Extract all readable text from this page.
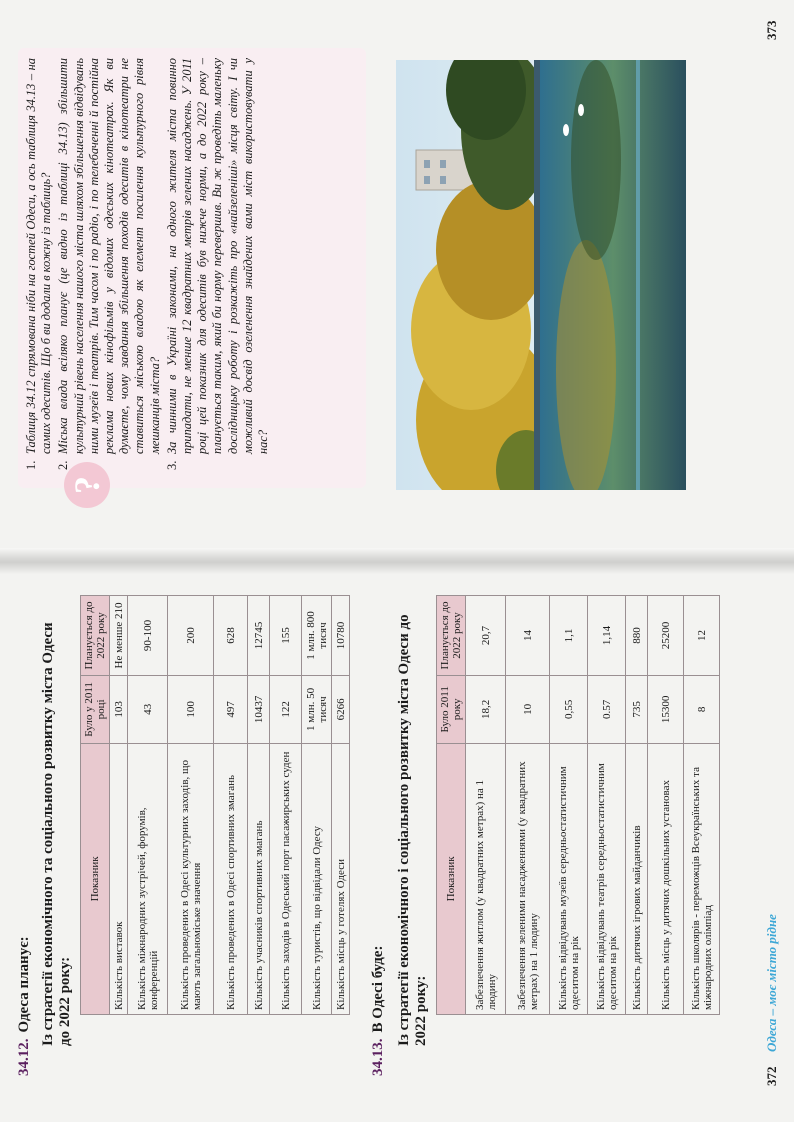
34.12.Одеса планує: Із стратегії економічного та соціального розвитку міста Одеси до 2022 року:
Показник	Було у 2011 році	Планується до 2022 року
Кількість виставок	103	Не менше 210
Кількість міжнародних зустрічей, форумів, конференцій	43	90-100
Кількість проведених в Одесі культурних заходів, що мають загальноміське значення	100	200
Кількість проведених в Одесі спортивних змагань	497	628
Кількість учасників спортивних змагань	10437	12745
Кількість заходів в Одеський порт пасажирських суден	122	155
Кількість туристів, що відвідали Одесу	1 млн. 50 тисяч	1 млн. 800 тисяч
Кількість місць у готелях Одеси	6266	10780
34.13.В Одесі буде: Із стратегії економічного і соціального розвитку міста Одеси до 2022 року:
Показник	Було 2011 року	Планується до 2022 року
Забезпечення житлом (у квадратних метрах) на 1 людину	18,2	20,7
Забезпечення зеленими насадженнями (у квадратних метрах) на 1 людину	10	14
Кількість відвідувань музеїв середньостатистичним одеситом на рік	0,55	1,1
Кількість відвідувань театрів середньостатистичним одеситом на рік	0.57	1,14
Кількість дитячих ігрових майданчиків	735	880
Кількість місць у дитячих дошкільних установах	15300	25200
Кількість школярів - переможців Всеукраїнських та міжнародних олімпіад	8	12
372
Одеса – моє місто рідне
?
1.
Таблиця 34.12 спрямована ніби на гостей Одеси, а ось таблиця 34.13 – на самих одеситів. Що б ви додали в кожну із таблиць?
2.
Міська влада всіляко планує (це видно із таблиці 34.13) збільшити культурний рівень населення нашого міста шляхом збільшення відвідувань ними музеїв і театрів. Тим часом і по радіо, і по телебаченні й постійна реклама нових кінофільмів у відомих одеських кінотеатрах. Як ви думаєте, чому завдання збільшення походів одеситів в кінотеатри не ставиться міською владою як елемент посилення культурного рівня мешканців міста?
3.
За чинними в Україні законами, на одного жителя міста повинно припадати, не менше 12 квадратних метрів зелених насаджень. У 2011 році цей показник для одеситів був нижче норми, а до 2022 року – планується таким, який би норму перевершив. Ви ж проведіть маленьку дослідницьку роботу і розкажіть про «найзеленіші» місця світу. І чи можливий досвід озеленення знайдених вами міст використовувати у нас?
373
